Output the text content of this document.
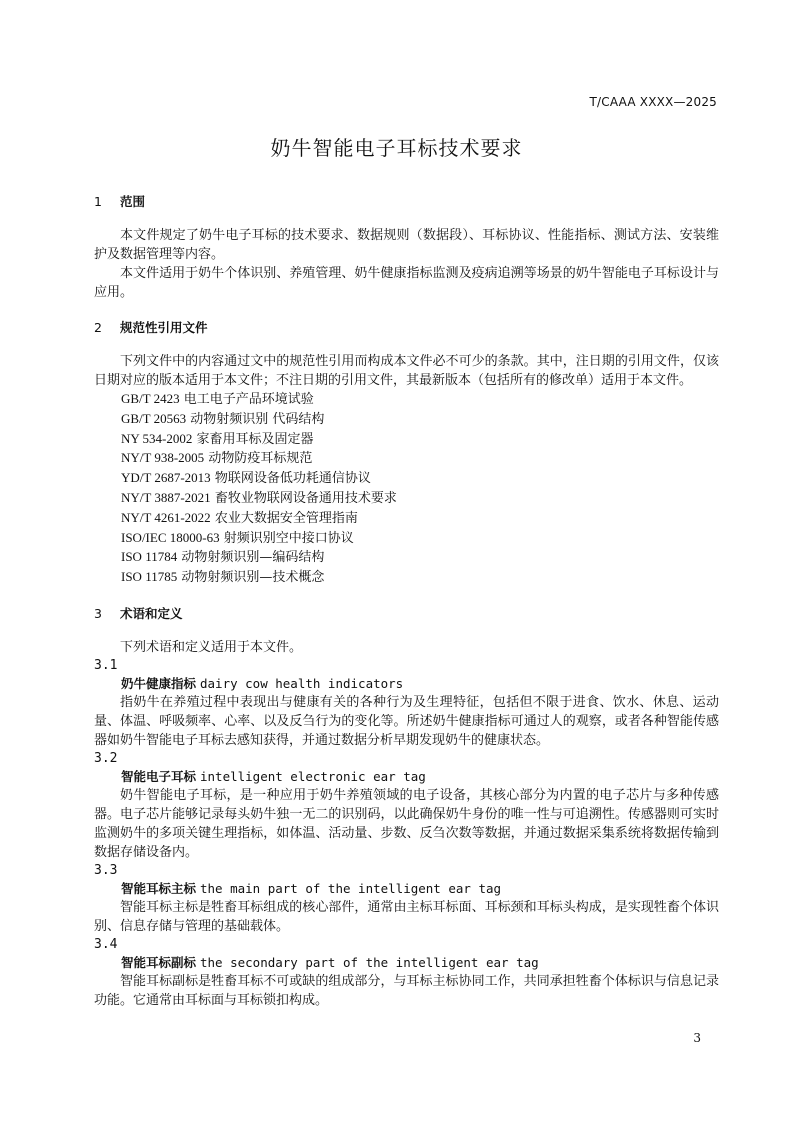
T/CAAA XXXX—2025
奶牛智能电子耳标技术要求
1 范围

本文件规定了奶牛电子耳标的技术要求、数据规则（数据段）、耳标协议、性能指标、测试方法、安装维护及数据管理等内容。

本文件适用于奶牛个体识别、养殖管理、奶牛健康指标监测及疫病追溯等场景的奶牛智能电子耳标设计与应用。

2 规范性引用文件

下列文件中的内容通过文中的规范性引用而构成本文件必不可少的条款。其中，注日期的引用文件，仅该日期对应的版本适用于本文件；不注日期的引用文件，其最新版本（包括所有的修改单）适用于本文件。

GB/T 2423 电工电子产品环境试验
GB/T 20563 动物射频识别 代码结构
NY 534-2002 家畜用耳标及固定器
NY/T 938-2005 动物防疫耳标规范
YD/T 2687-2013 物联网设备低功耗通信协议
NY/T 3887-2021 畜牧业物联网设备通用技术要求
NY/T 4261-2022 农业大数据安全管理指南
ISO/IEC 18000-63 射频识别空中接口协议
ISO 11784 动物射频识别—编码结构
ISO 11785 动物射频识别—技术概念
3 术语和定义

下列术语和定义适用于本文件。

3.1

奶牛健康指标 dairy cow health indicators

指奶牛在养殖过程中表现出与健康有关的各种行为及生理特征，包括但不限于进食、饮水、休息、运动量、体温、呼吸频率、心率、以及反刍行为的变化等。所述奶牛健康指标可通过人的观察，或者各种智能传感器如奶牛智能电子耳标去感知获得，并通过数据分析早期发现奶牛的健康状态。

3.2

智能电子耳标 intelligent electronic ear tag

奶牛智能电子耳标，是一种应用于奶牛养殖领域的电子设备，其核心部分为内置的电子芯片与多种传感器。电子芯片能够记录每头奶牛独一无二的识别码，以此确保奶牛身份的唯一性与可追溯性。传感器则可实时监测奶牛的多项关键生理指标，如体温、活动量、步数、反刍次数等数据，并通过数据采集系统将数据传输到数据存储设备内。

3.3

智能耳标主标 the main part of the intelligent ear tag

智能耳标主标是牲畜耳标组成的核心部件，通常由主标耳标面、耳标颈和耳标头构成，是实现牲畜个体识别、信息存储与管理的基础载体。

3.4

智能耳标副标 the secondary part of the intelligent ear tag

智能耳标副标是牲畜耳标不可或缺的组成部分，与耳标主标协同工作，共同承担牲畜个体标识与信息记录功能。它通常由耳标面与耳标锁扣构成。

3
